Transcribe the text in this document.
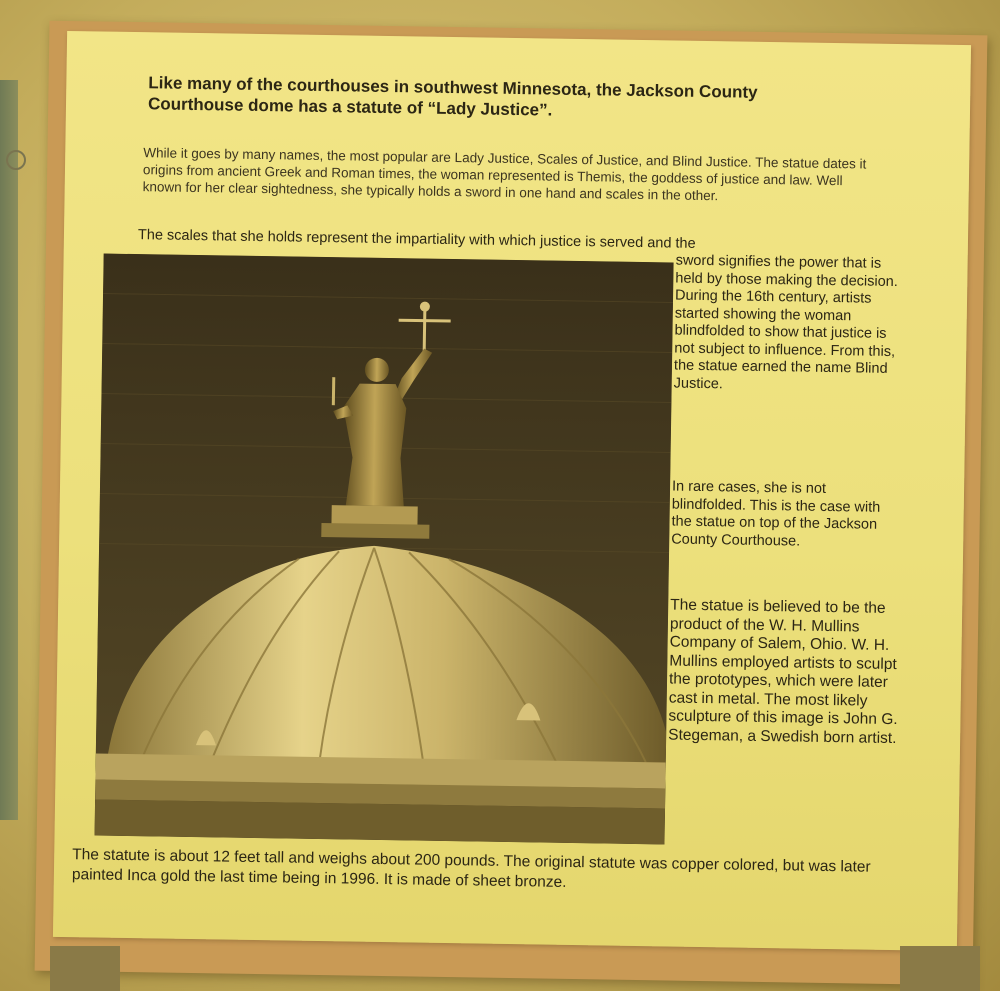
Like many of the courthouses in southwest Minnesota, the Jackson County Courthouse dome has a statute of “Lady Justice”.

While it goes by many names, the most popular are Lady Justice, Scales of Justice, and Blind Justice. The statue dates it origins from ancient Greek and Roman times, the woman represented is Themis, the goddess of justice and law. Well known for her clear sightedness, she typically holds a sword in one hand and scales in the other.

The scales that she holds represent the impartiality with which justice is served and the

sword signifies the power that is held by those making the decision. During the 16th century, artists started showing the woman blindfolded to show that justice is not subject to influence. From this, the statue earned the name Blind Justice.

In rare cases, she is not blindfolded. This is the case with the statue on top of the Jackson County Courthouse.

The statue is believed to be the product of the W. H. Mullins Company of Salem, Ohio. W. H. Mullins employed artists to sculpt the prototypes, which were later cast in metal. The most likely sculpture of this image is John G. Stegeman, a Swedish born artist.

The statute is about 12 feet tall and weighs about 200 pounds. The original statute was copper colored, but was later painted Inca gold the last time being in 1996. It is made of sheet bronze.
